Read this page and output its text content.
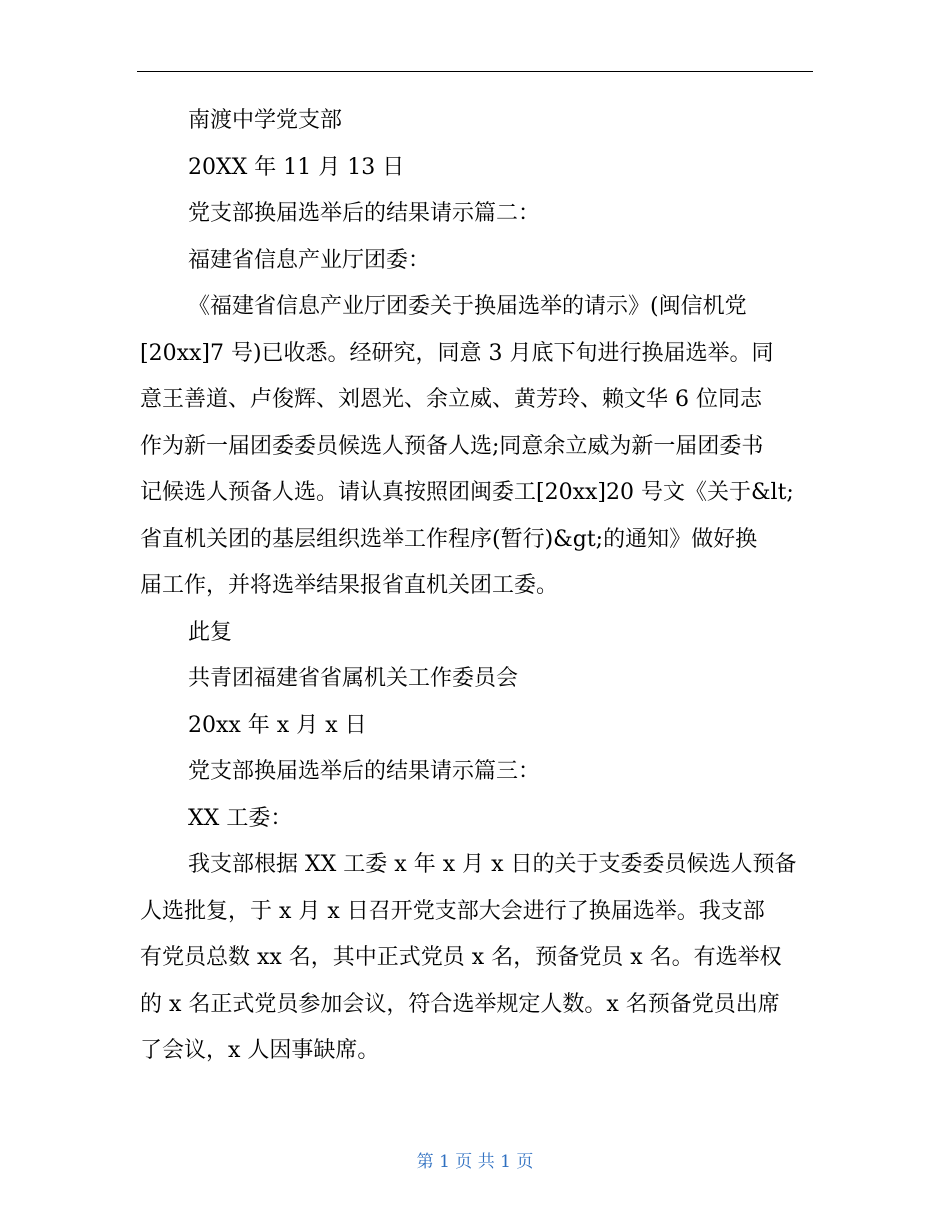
南渡中学党支部
20XX 年 11 月 13 日
党支部换届选举后的结果请示篇二：
福建省信息产业厅团委：
《福建省信息产业厅团委关于换届选举的请示》(闽信机党
[20xx]7 号)已收悉。经研究，同意 3 月底下旬进行换届选举。同
意王善道、卢俊辉、刘恩光、余立威、黄芳玲、赖文华 6 位同志
作为新一届团委委员候选人预备人选;同意余立威为新一届团委书
记候选人预备人选。请认真按照团闽委工[20xx]20 号文《关于&lt;
省直机关团的基层组织选举工作程序(暂行)&gt;的通知》做好换
届工作，并将选举结果报省直机关团工委。
此复
共青团福建省省属机关工作委员会
20xx 年 x 月 x 日
党支部换届选举后的结果请示篇三：
XX 工委：
我支部根据 XX 工委 x 年 x 月 x 日的关于支委委员候选人预备
人选批复，于 x 月 x 日召开党支部大会进行了换届选举。我支部
有党员总数 xx 名，其中正式党员 x 名，预备党员 x 名。有选举权
的 x 名正式党员参加会议，符合选举规定人数。x 名预备党员出席
了会议，x 人因事缺席。
第 1 页 共 1 页
